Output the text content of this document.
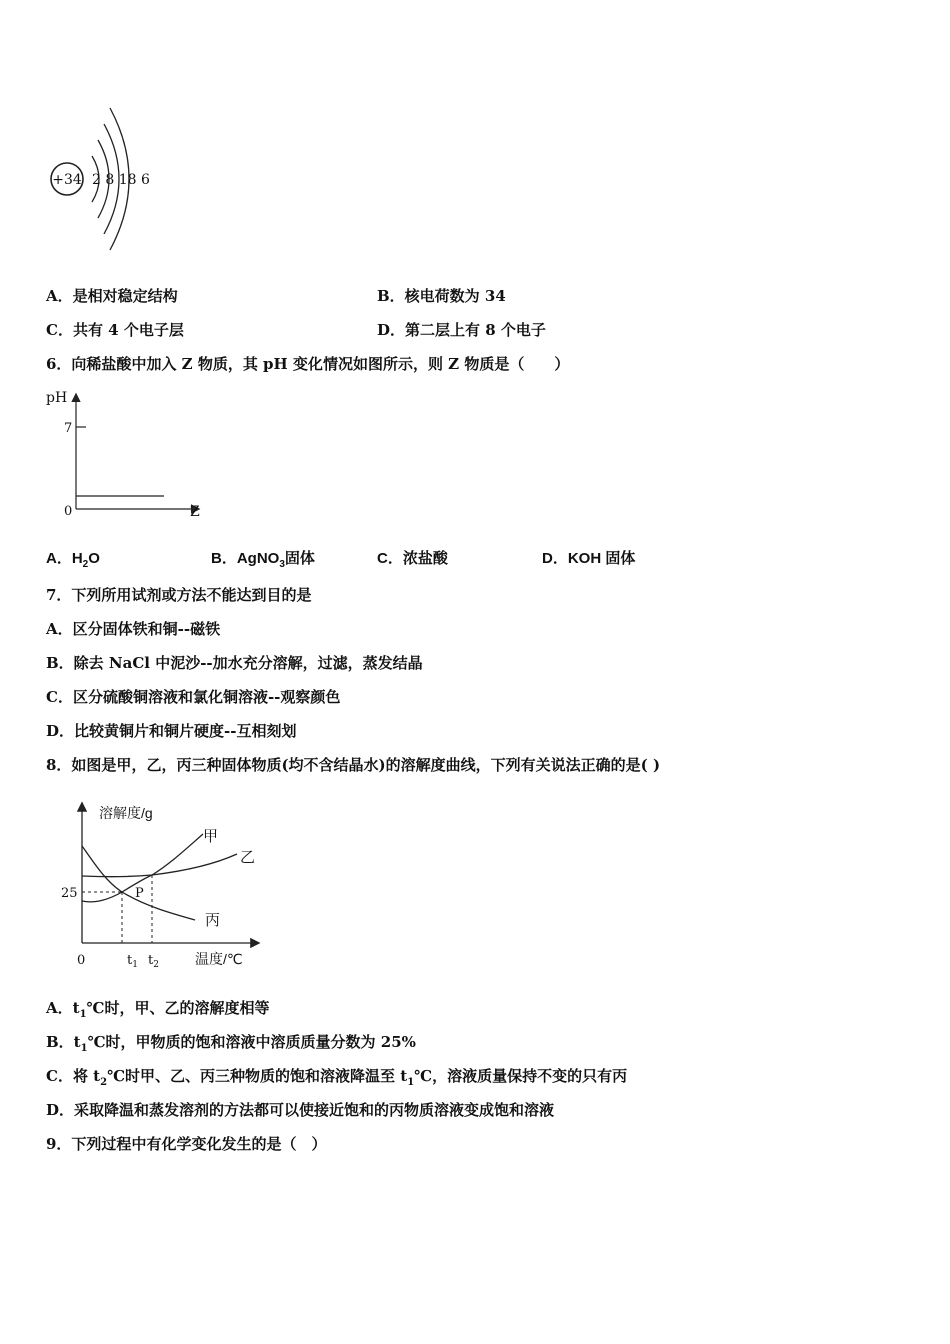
+34 2 8 18 6
A．是相对稳定结构	B．核电荷数为 34
C．共有 4 个电子层	D．第二层上有 8 个电子
6．向稀盐酸中加入 Z 物质，其 pH 变化情况如图所示，则 Z 物质是（　　）
pH
7
0	Z
A．$H_2O$	B．AgNO$_3$固体	C．浓盐酸	D．KOH 固体
7．下列所用试剂或方法不能达到目的是
A．区分固体铁和铜--磁铁
B．除去 NaCl 中泥沙--加水充分溶解，过滤，蒸发结晶
C．区分硫酸铜溶液和氯化铜溶液--观察颜色
D．比较黄铜片和铜片硬度--互相刻划
8．如图是甲，乙，丙三种固体物质(均不含结晶水)的溶解度曲线，下列有关说法正确的是( )
溶解度/g
温度/℃
0
25	P
甲
乙
丙
$t_1$ $t_2$
A．$t_1℃$时，甲、乙的溶解度相等
B．$t_1℃$时，甲物质的饱和溶液中溶质质量分数为 25%
C．将 $t_2℃$时甲、乙、丙三种物质的饱和溶液降温至 $t_1℃$，溶液质量保持不变的只有丙
D．采取降温和蒸发溶剂的方法都可以使接近饱和的丙物质溶液变成饱和溶液
9．下列过程中有化学变化发生的是（　）
